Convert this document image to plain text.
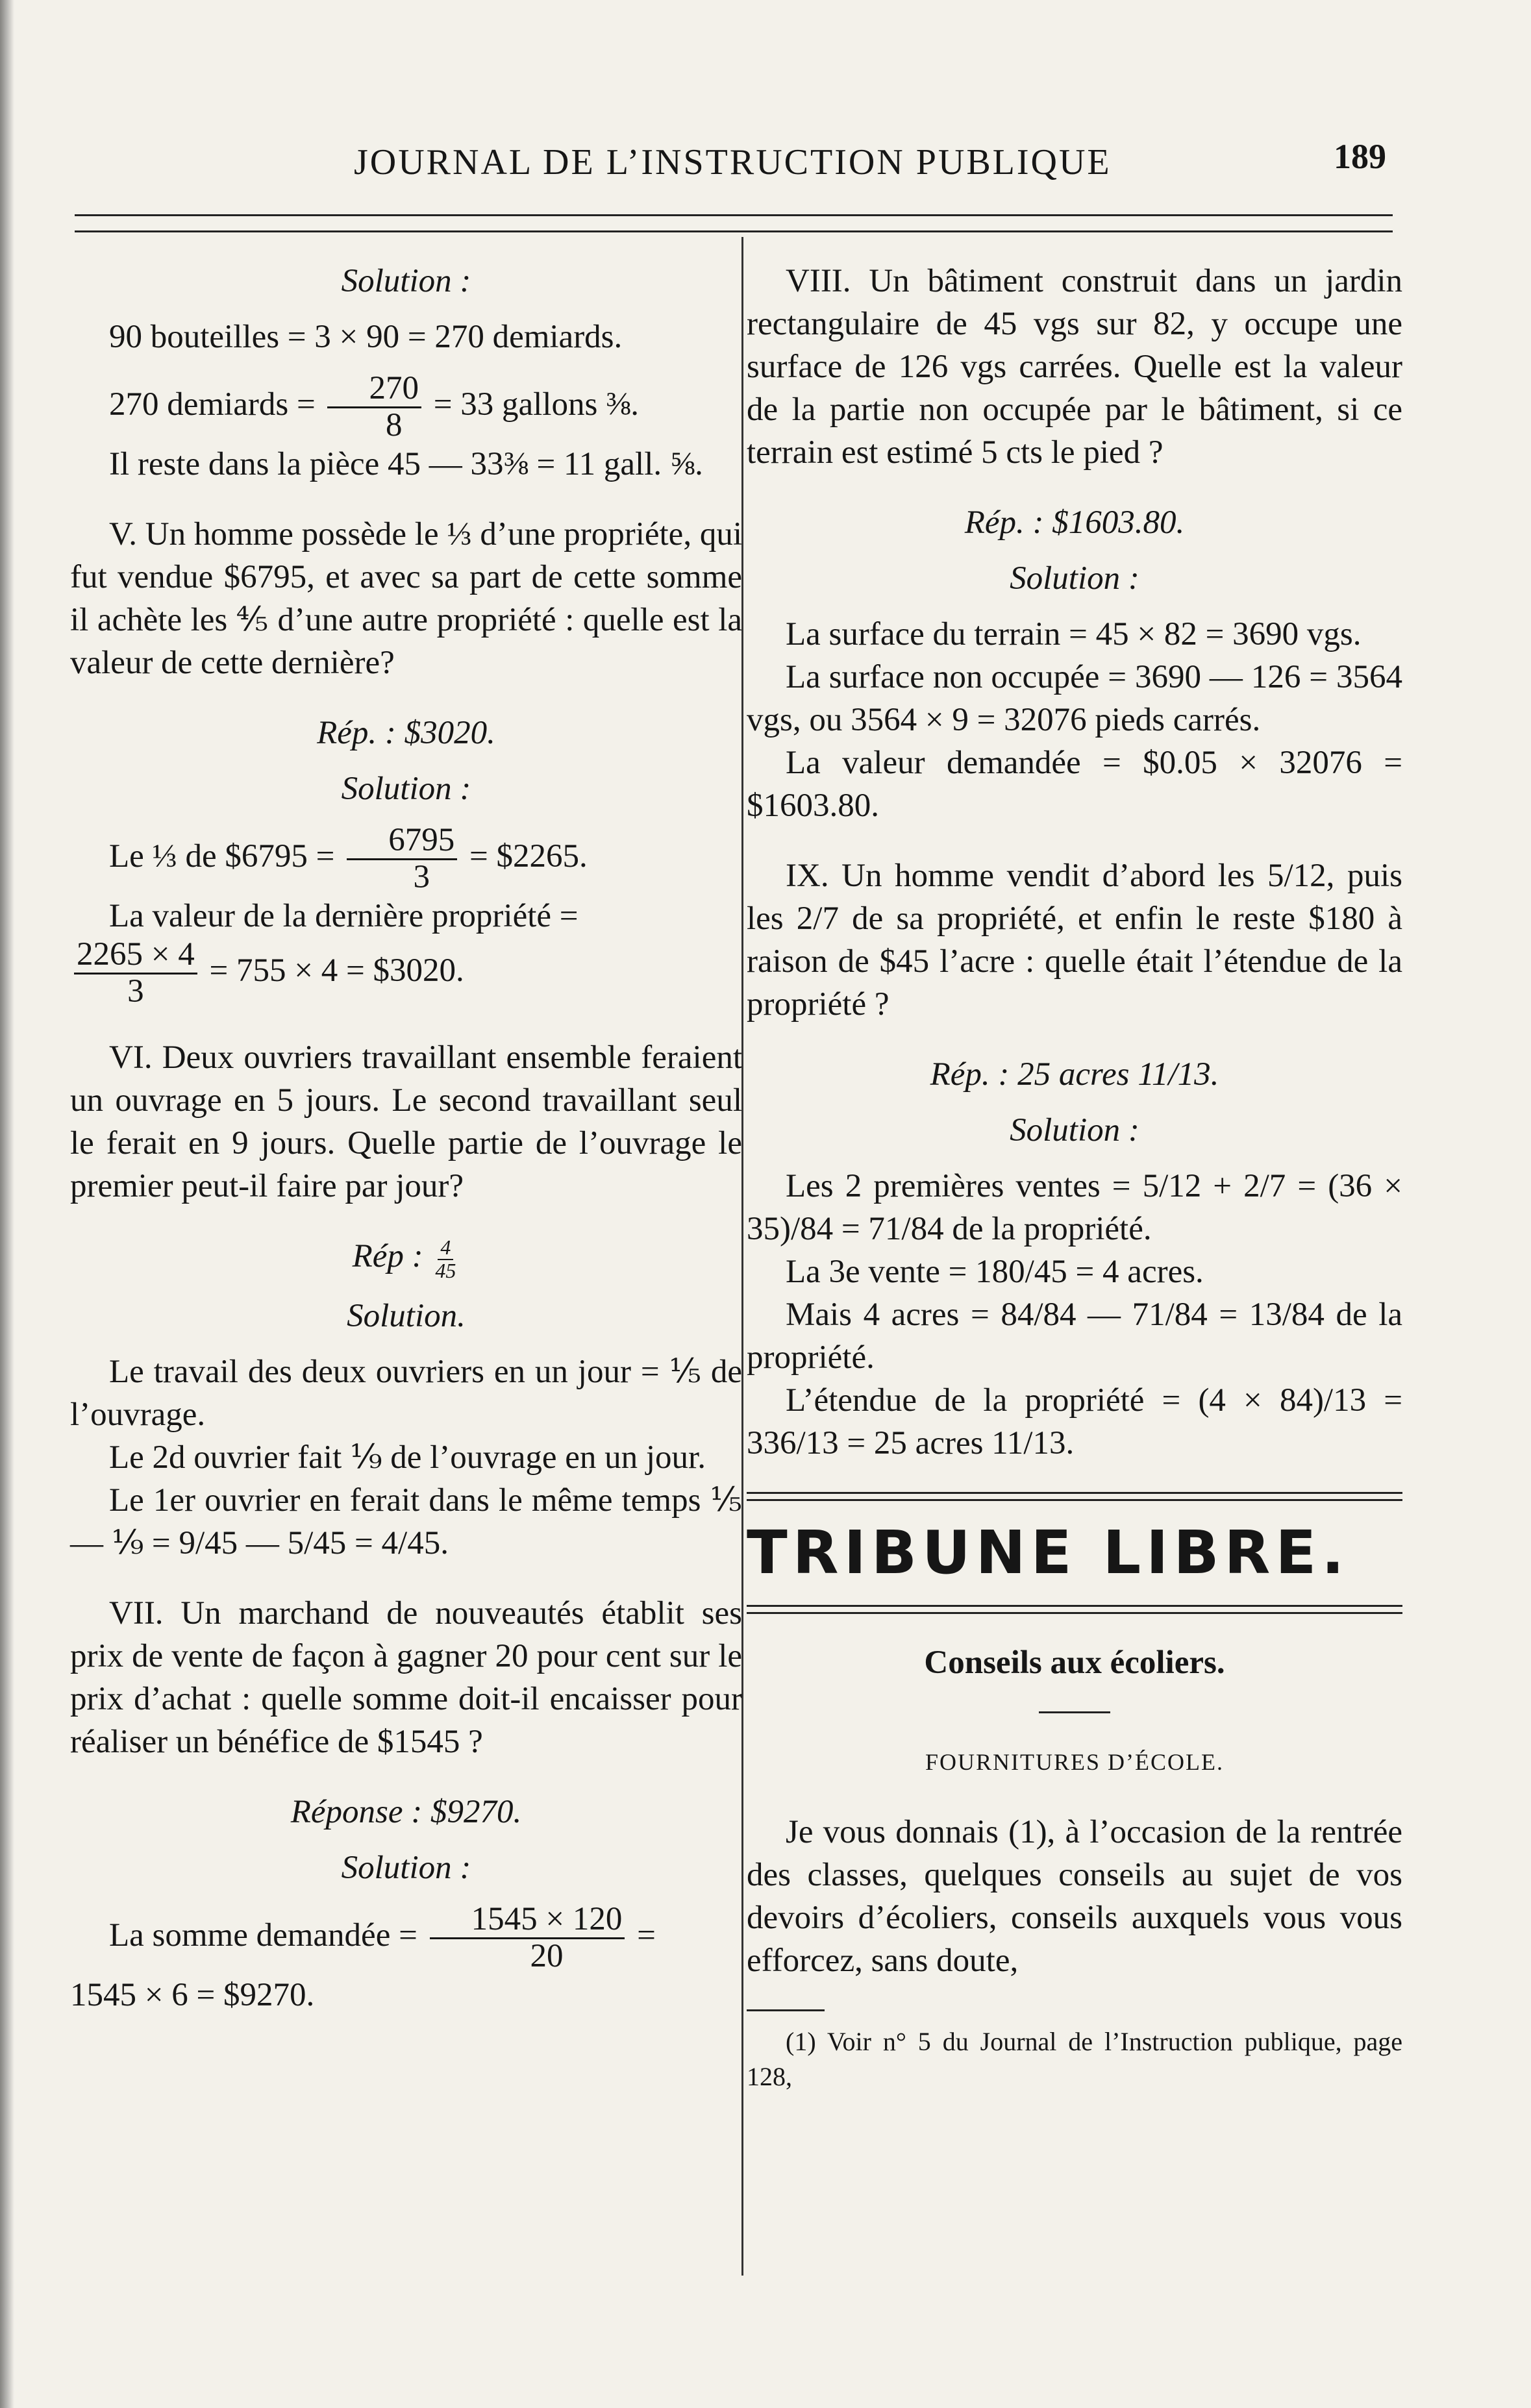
JOURNAL DE L’INSTRUCTION PUBLIQUE	189

Solution :

90 bouteilles = 3 × 90 = 270 demiards.

270 demiards = $\frac{270}{8} = 33$ gallons ⅜.

Il reste dans la pièce 45 — 33⅜ = 11 gall. ⅝.

V. Un homme possède le ⅓ d’une propriéte, qui fut vendue $6795, et avec sa part de cette somme il achète les ⅘ d’une autre propriété : quelle est la valeur de cette dernière?

Rép. : $3020.

Solution :

Le ⅓ de $6795 = $\frac{6795}{3}$ = $2265.

La valeur de la dernière propriété =

$\frac{2265 \times 4}{3} = 755 \times 4$ = $3020.

VI. Deux ouvriers travaillant ensemble feraient un ouvrage en 5 jours. Le second travaillant seul le ferait en 9 jours. Quelle partie de l’ouvrage le premier peut-il faire par jour?

Rép : $\frac{4}{45}$

Solution.

Le travail des deux ouvriers en un jour = ⅕ de l’ouvrage.

Le 2d ouvrier fait ⅑ de l’ouvrage en un jour.

Le 1er ouvrier en ferait dans le même temps ⅕ — ⅑ = 9/45 — 5/45 = 4/45.

VII. Un marchand de nouveautés établit ses prix de vente de façon à gagner 20 pour cent sur le prix d’achat : quelle somme doit-il encaisser pour réaliser un bénéfice de $1545 ?

Réponse : $9270.

Solution :

La somme demandée = $\frac{1545 \times 120}{20}$ =

1545 × 6 = $9270.

VIII. Un bâtiment construit dans un jardin rectangulaire de 45 vgs sur 82, y occupe une surface de 126 vgs carrées. Quelle est la valeur de la partie non occupée par le bâtiment, si ce terrain est estimé 5 cts le pied ?

Rép. : $1603.80.

Solution :

La surface du terrain = 45 × 82 = 3690 vgs.

La surface non occupée = 3690 — 126 = 3564 vgs, ou 3564 × 9 = 32076 pieds carrés.

La valeur demandée = $0.05 × 32076 = $1603.80.

IX. Un homme vendit d’abord les 5/12, puis les 2/7 de sa propriété, et enfin le reste $180 à raison de $45 l’acre : quelle était l’étendue de la propriété ?

Rép. : 25 acres 11/13.

Solution :

Les 2 premières ventes = 5/12 + 2/7 = (36 × 35)/84 = 71/84 de la propriété.

La 3e vente = 180/45 = 4 acres.

Mais 4 acres = 84/84 — 71/84 = 13/84 de la propriété.

L’étendue de la propriété = (4 × 84)/13 = 336/13 = 25 acres 11/13.

TRIBUNE LIBRE.

Conseils aux écoliers.

FOURNITURES D’ÉCOLE.

Je vous donnais (1), à l’occasion de la rentrée des classes, quelques conseils au sujet de vos devoirs d’écoliers, conseils auxquels vous vous efforcez, sans doute,

(1) Voir n° 5 du Journal de l’Instruction publique, page 128,
